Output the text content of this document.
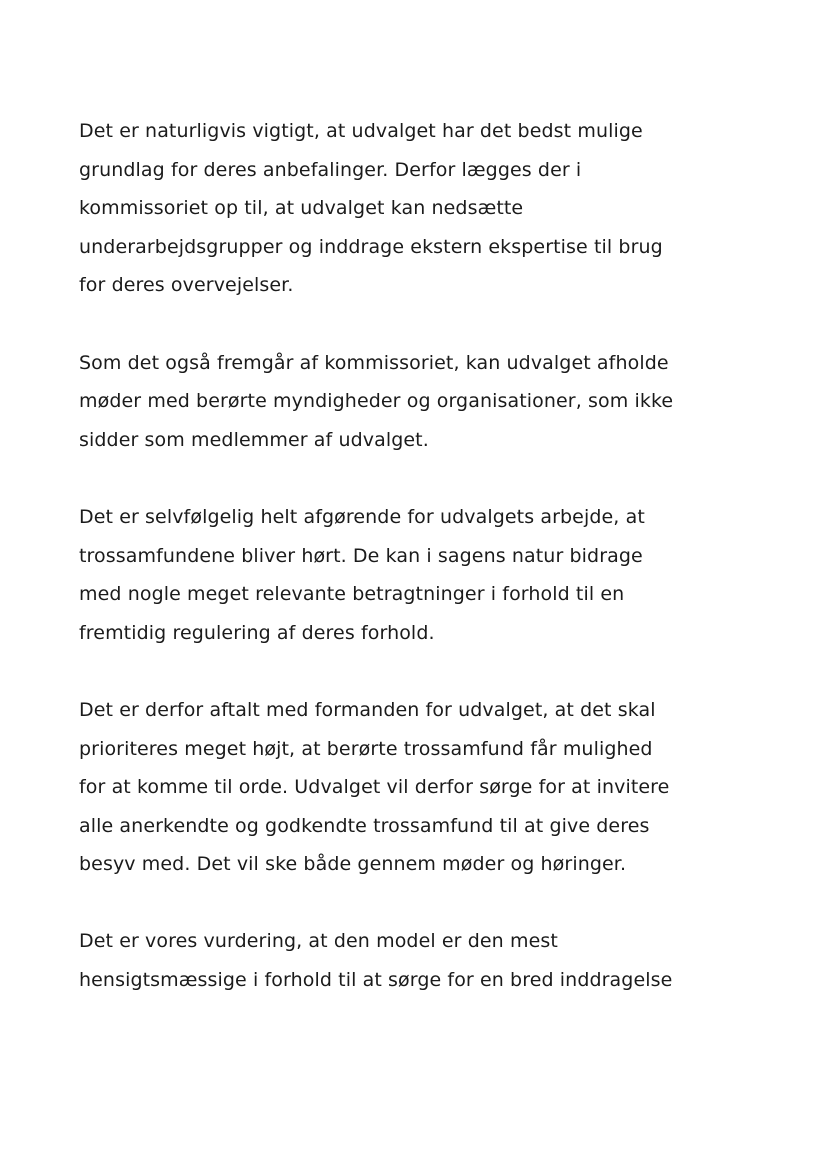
Det er naturligvis vigtigt, at udvalget har det bedst mulige
grundlag for deres anbefalinger. Derfor lægges der i
kommissoriet op til, at udvalget kan nedsætte
underarbejdsgrupper og inddrage ekstern ekspertise til brug
for deres overvejelser.

Som det også fremgår af kommissoriet, kan udvalget afholde
møder med berørte myndigheder og organisationer, som ikke
sidder som medlemmer af udvalget.

Det er selvfølgelig helt afgørende for udvalgets arbejde, at
trossamfundene bliver hørt. De kan i sagens natur bidrage
med nogle meget relevante betragtninger i forhold til en
fremtidig regulering af deres forhold.

Det er derfor aftalt med formanden for udvalget, at det skal
prioriteres meget højt, at berørte trossamfund får mulighed
for at komme til orde. Udvalget vil derfor sørge for at invitere
alle anerkendte og godkendte trossamfund til at give deres
besyv med. Det vil ske både gennem møder og høringer.

Det er vores vurdering, at den model er den mest
hensigtsmæssige i forhold til at sørge for en bred inddragelse
